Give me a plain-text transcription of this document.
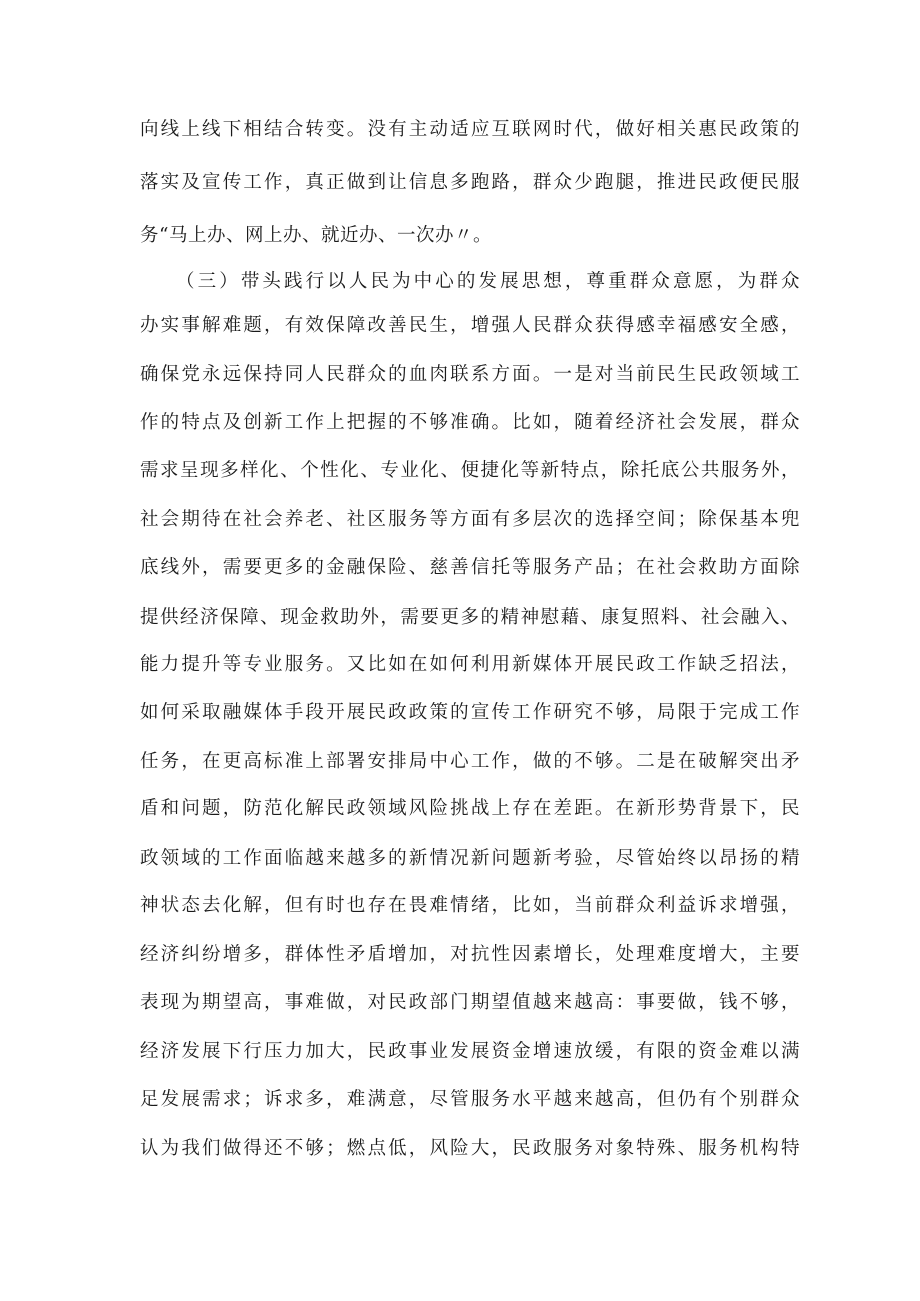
向线上线下相结合转变。没有主动适应互联网时代，做好相关惠民政策的
落实及宣传工作，真正做到让信息多跑路，群众少跑腿，推进民政便民服
务“马上办、网上办、就近办、一次办〃。
（三）带头践行以人民为中心的发展思想，尊重群众意愿，为群众
办实事解难题，有效保障改善民生，增强人民群众获得感幸福感安全感，
确保党永远保持同人民群众的血肉联系方面。一是对当前民生民政领域工
作的特点及创新工作上把握的不够准确。比如，随着经济社会发展，群众
需求呈现多样化、个性化、专业化、便捷化等新特点，除托底公共服务外，
社会期待在社会养老、社区服务等方面有多层次的选择空间；除保基本兜
底线外，需要更多的金融保险、慈善信托等服务产品；在社会救助方面除
提供经济保障、现金救助外，需要更多的精神慰藉、康复照料、社会融入、
能力提升等专业服务。又比如在如何利用新媒体开展民政工作缺乏招法，
如何采取融媒体手段开展民政政策的宣传工作研究不够，局限于完成工作
任务，在更高标准上部署安排局中心工作，做的不够。二是在破解突出矛
盾和问题，防范化解民政领域风险挑战上存在差距。在新形势背景下，民
政领域的工作面临越来越多的新情况新问题新考验，尽管始终以昂扬的精
神状态去化解，但有时也存在畏难情绪，比如，当前群众利益诉求增强，
经济纠纷增多，群体性矛盾增加，对抗性因素增长，处理难度增大，主要
表现为期望高，事难做，对民政部门期望值越来越高：事要做，钱不够，
经济发展下行压力加大，民政事业发展资金增速放缓，有限的资金难以满
足发展需求；诉求多，难满意，尽管服务水平越来越高，但仍有个别群众
认为我们做得还不够；燃点低，风险大，民政服务对象特殊、服务机构特
